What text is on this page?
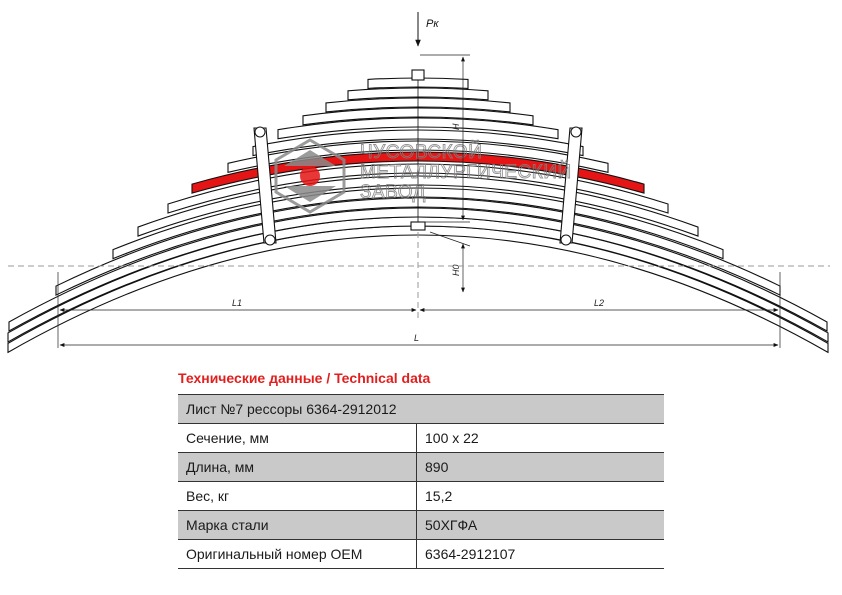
ЧУСОВСКОЙ
МЕТАЛЛУРГИЧЕСКИЙ
ЗАВОД
Рк
H
H0
L1	L2
L
Технические данные / Technical data
Лист №7 рессоры 6364-2912012	
Сечение, мм	100 х 22
Длина, мм	890
Вес, кг	15,2
Марка стали	50ХГФА
Оригинальный номер ОЕМ	6364-2912107
